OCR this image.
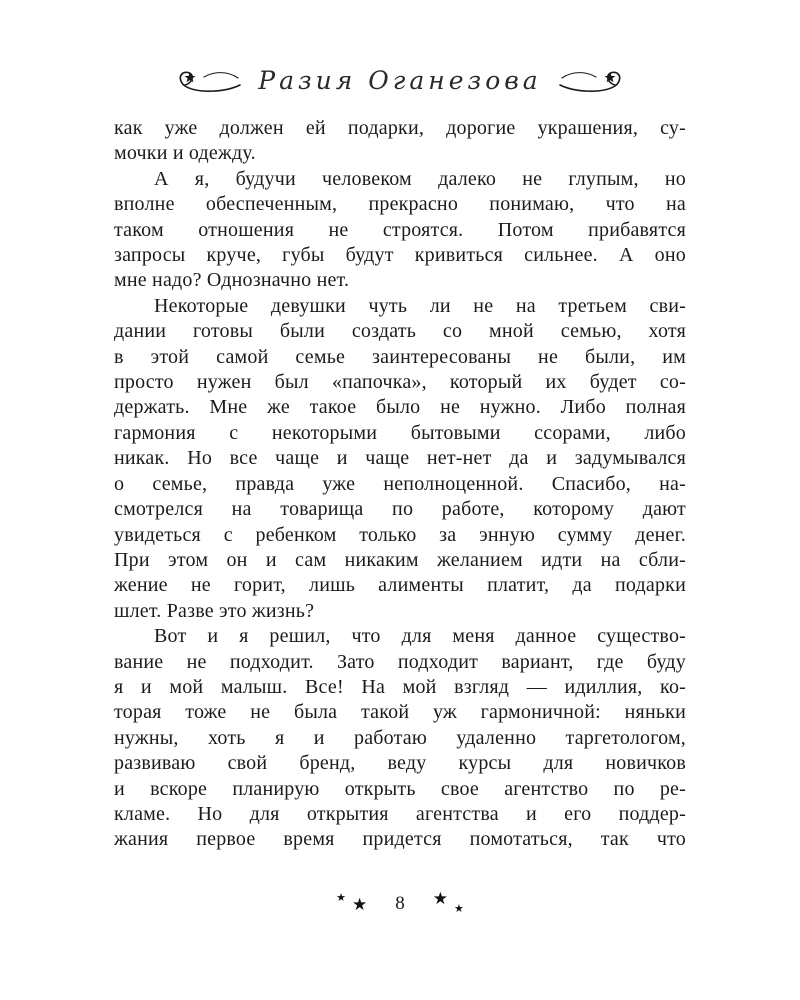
Разия Оганезова
как уже должен ей подарки, дорогие украшения, су-
мочки и одежду.
А я, будучи человеком далеко не глупым, но
вполне обеспеченным, прекрасно понимаю, что на
таком отношения не строятся. Потом прибавятся
запросы круче, губы будут кривиться сильнее. А оно
мне надо? Однозначно нет.
Некоторые девушки чуть ли не на третьем сви-
дании готовы были создать со мной семью, хотя
в этой самой семье заинтересованы не были, им
просто нужен был «папочка», который их будет со-
держать. Мне же такое было не нужно. Либо полная
гармония с некоторыми бытовыми ссорами, либо
никак. Но все чаще и чаще нет-нет да и задумывался
о семье, правда уже неполноценной. Спасибо, на-
смотрелся на товарища по работе, которому дают
увидеться с ребенком только за энную сумму денег.
При этом он и сам никаким желанием идти на сбли-
жение не горит, лишь алименты платит, да подарки
шлет. Разве это жизнь?
Вот и я решил, что для меня данное существо-
вание не подходит. Зато подходит вариант, где буду
я и мой малыш. Все! На мой взгляд — идиллия, ко-
торая тоже не была такой уж гармоничной: няньки
нужны, хоть я и работаю удаленно таргетологом,
развиваю свой бренд, веду курсы для новичков
и вскоре планирую открыть свое агентство по ре-
кламе. Но для открытия агентства и его поддер-
жания первое время придется помотаться, так что
★ ★ 8 ★
★
